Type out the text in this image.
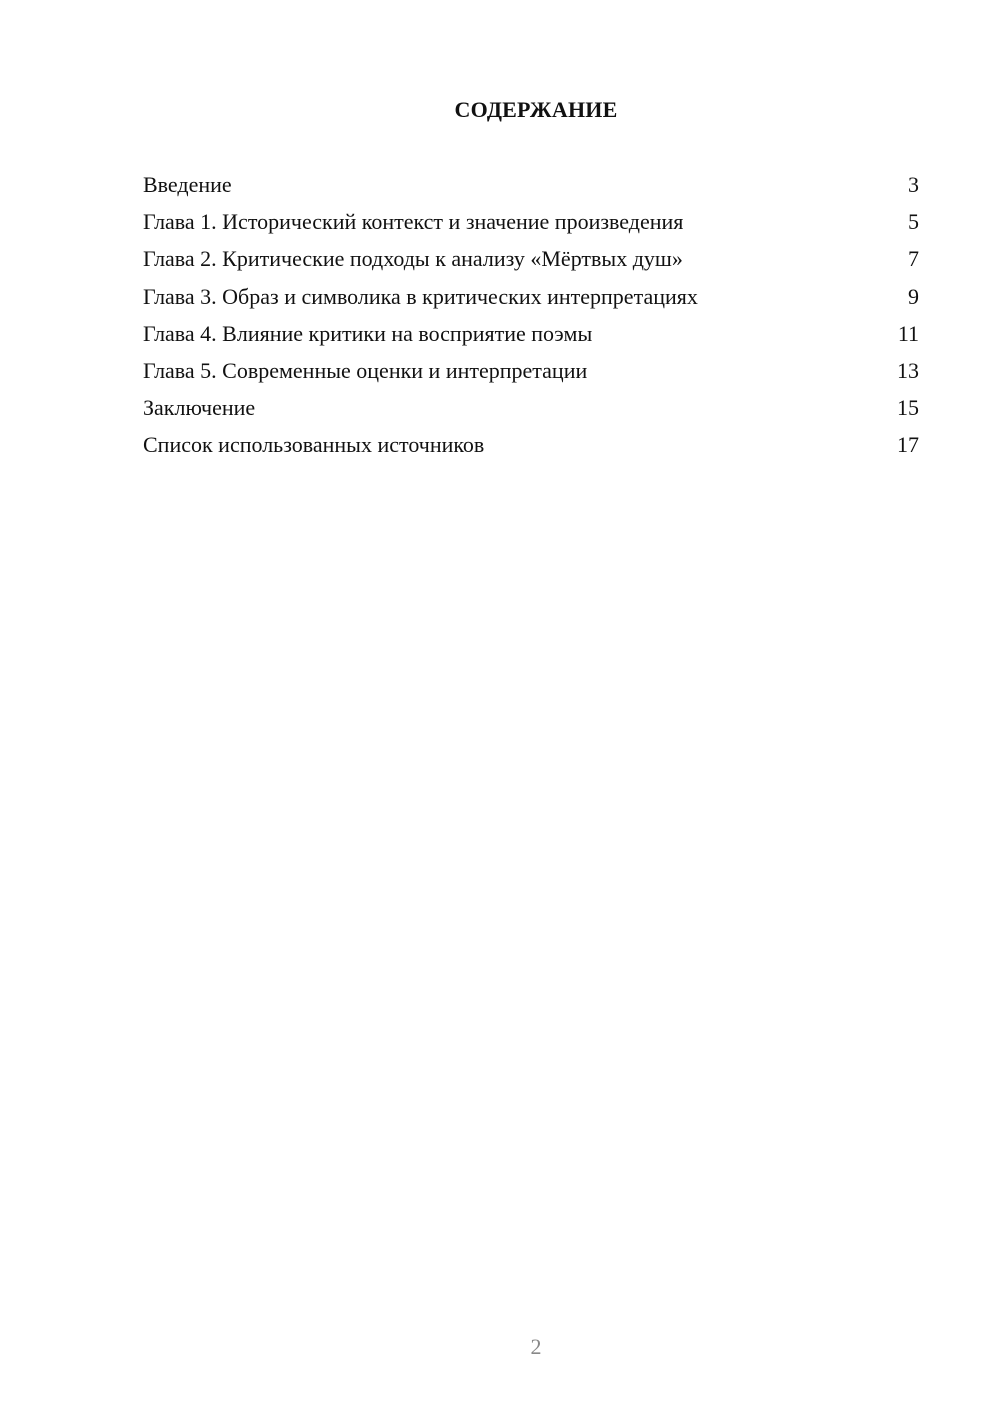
СОДЕРЖАНИЕ
Введение	3
Глава 1. Исторический контекст и значение произведения	5
Глава 2. Критические подходы к анализу «Мёртвых душ»	7
Глава 3. Образ и символика в критических интерпретациях	9
Глава 4. Влияние критики на восприятие поэмы	11
Глава 5. Современные оценки и интерпретации	13
Заключение	15
Список использованных источников	17
2
